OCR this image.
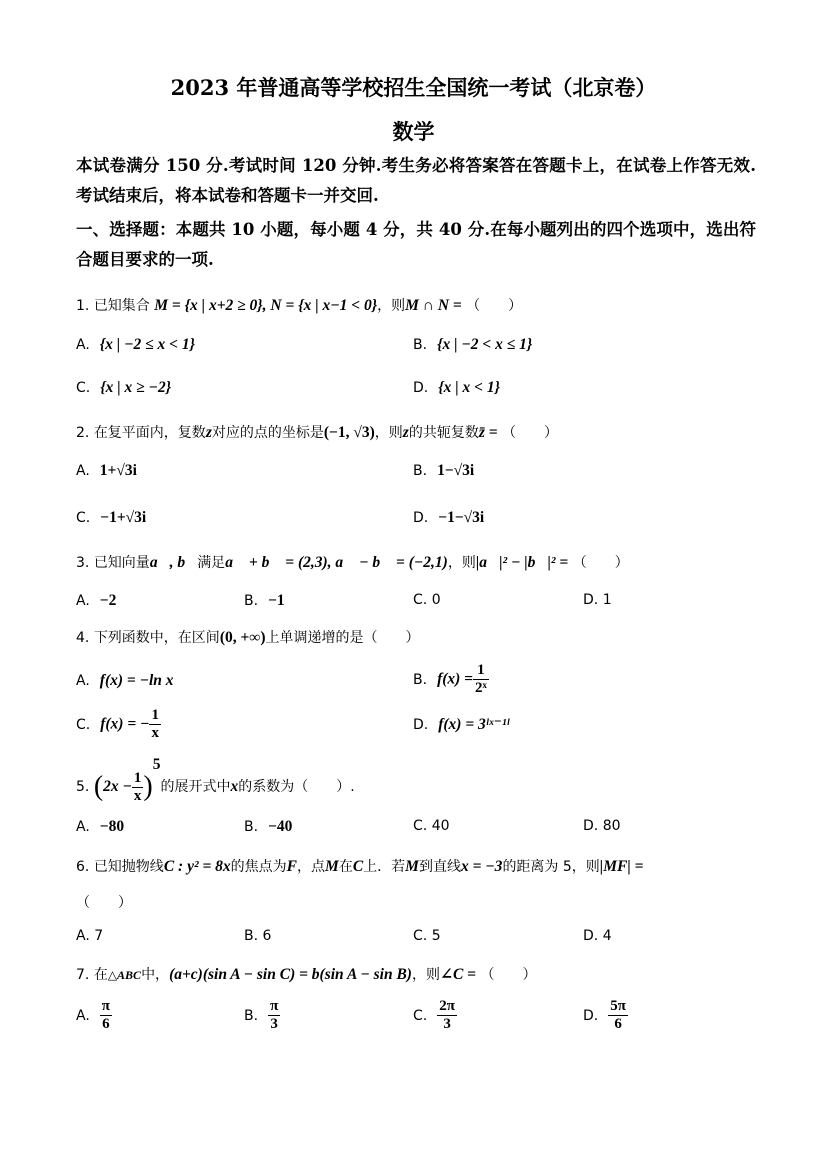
2023 年普通高等学校招生全国统一考试（北京卷）
数学
本试卷满分 150 分.考试时间 120 分钟.考生务必将答案答在答题卡上，在试卷上作答无效.考试结束后，将本试卷和答题卡一并交回.
一、选择题：本题共 10 小题，每小题 4 分，共 40 分.在每小题列出的四个选项中，选出符合题目要求的一项.
1. 已知集合 M = {x | x+2 ≥ 0}, N = {x | x−1 < 0}，则M ∩ N = （　　）
A. {x | −2 ≤ x < 1}	B. {x | −2 < x ≤ 1}
C. {x | x ≥ −2}	D. {x | x < 1}
2. 在复平面内，复数z对应的点的坐标是(−1, √3)，则z的共轭复数z̄ = （　　）
A. 1+√3i	B. 1−√3i
C. −1+√3i	D. −1−√3i
3. 已知向量a⃗, b⃗满足a⃗ + b⃗ = (2,3), a⃗ − b⃗ = (−2,1)，则|a⃗|² − |b⃗|² = （　　）
A. −2	B. −1	C. 0	D. 1
4. 下列函数中，在区间(0, +∞)上单调递增的是（　　）
A. f(x) = −ln x	B. $f(x) = \frac{1}{\text{2ˣ}}$
C. f(x) = − $\frac{1}{x}$	D. f(x) = 3ˡˣ⁻¹ˡ
5. $(2x - \frac{1}{x} )^5$的展开式中x的系数为（　　）.
A. −80	B. −40	C. 40	D. 80
6. 已知抛物线C : y² = 8x的焦点为F，点M在C上．若M到直线x = −3的距离为 5，则|MF| =
（　　）
A. 7	B. 6	C. 5	D. 4
7. 在△ABC中，(a+c)(sin A − sin C) = b(sin A − sin B)，则∠C = （　　）
A. $\frac{\pi}{6}$	B. $\frac{\pi}{3}$	C. $\frac{2\pi}{3}$	D. $\frac{5\pi}{6}$
